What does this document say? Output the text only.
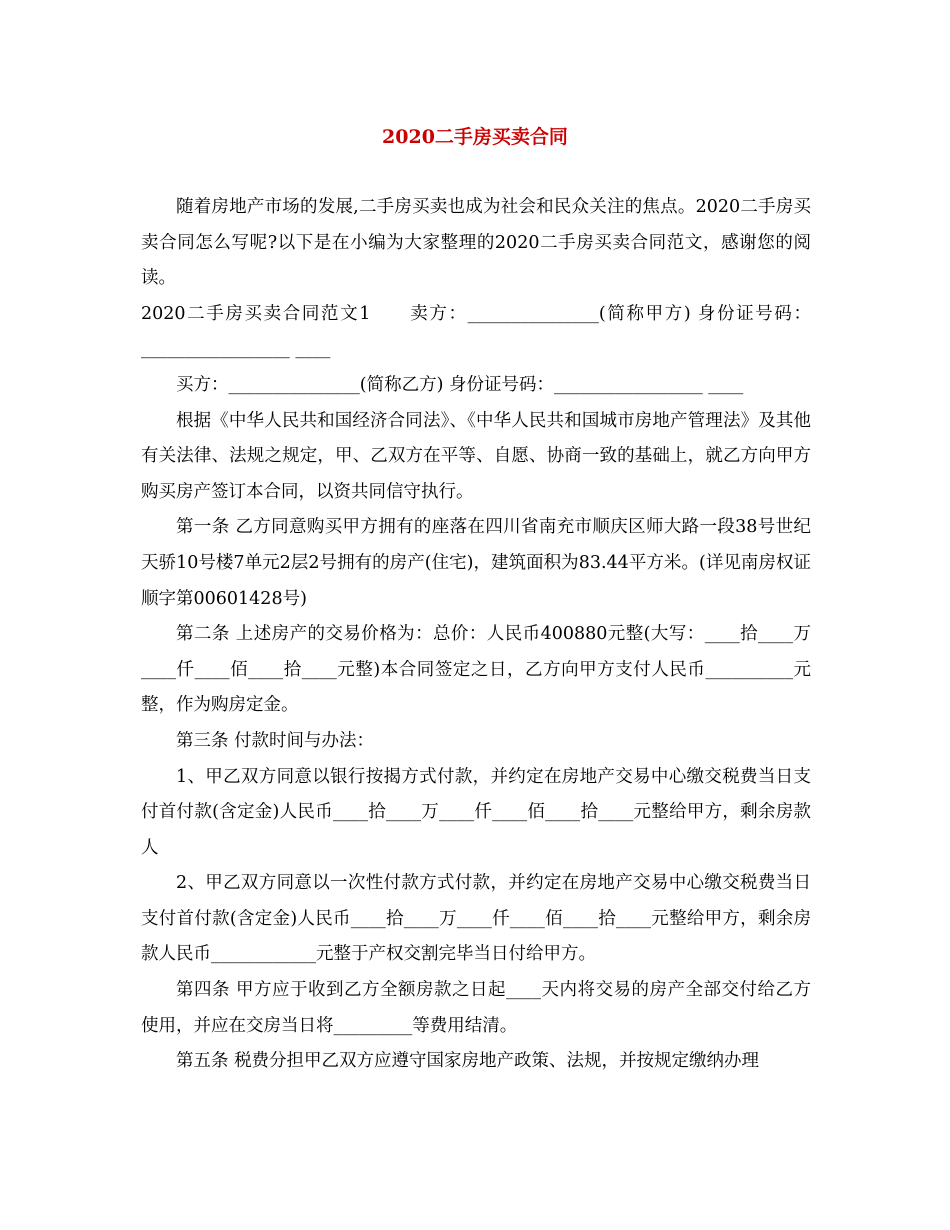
2020二手房买卖合同

随着房地产市场的发展,二手房买卖也成为社会和民众关注的焦点。2020二手房买卖合同怎么写呢?以下是在小编为大家整理的2020二手房买卖合同范文，感谢您的阅读。

2020二手房买卖合同范文1　　卖方：_______________(简称甲方) 身份证号码：_________________ ____

买方：_______________(简称乙方) 身份证号码：_________________ ____

根据《中华人民共和国经济合同法》、《中华人民共和国城市房地产管理法》及其他有关法律、法规之规定，甲、乙双方在平等、自愿、协商一致的基础上，就乙方向甲方购买房产签订本合同，以资共同信守执行。

第一条 乙方同意购买甲方拥有的座落在四川省南充市顺庆区师大路一段38号世纪天骄10号楼7单元2层2号拥有的房产(住宅)，建筑面积为83.44平方米。(详见南房权证顺字第00601428号)

第二条 上述房产的交易价格为：总价：人民币400880元整(大写：____拾____万____仟____佰____拾____元整)本合同签定之日，乙方向甲方支付人民币__________元整，作为购房定金。

第三条 付款时间与办法：

1、甲乙双方同意以银行按揭方式付款，并约定在房地产交易中心缴交税费当日支付首付款(含定金)人民币____拾____万____仟____佰____拾____元整给甲方，剩余房款人

2、甲乙双方同意以一次性付款方式付款，并约定在房地产交易中心缴交税费当日支付首付款(含定金)人民币____拾____万____仟____佰____拾____元整给甲方，剩余房款人民币____________元整于产权交割完毕当日付给甲方。

第四条 甲方应于收到乙方全额房款之日起____天内将交易的房产全部交付给乙方使用，并应在交房当日将_________等费用结清。

第五条 税费分担甲乙双方应遵守国家房地产政策、法规，并按规定缴纳办理
